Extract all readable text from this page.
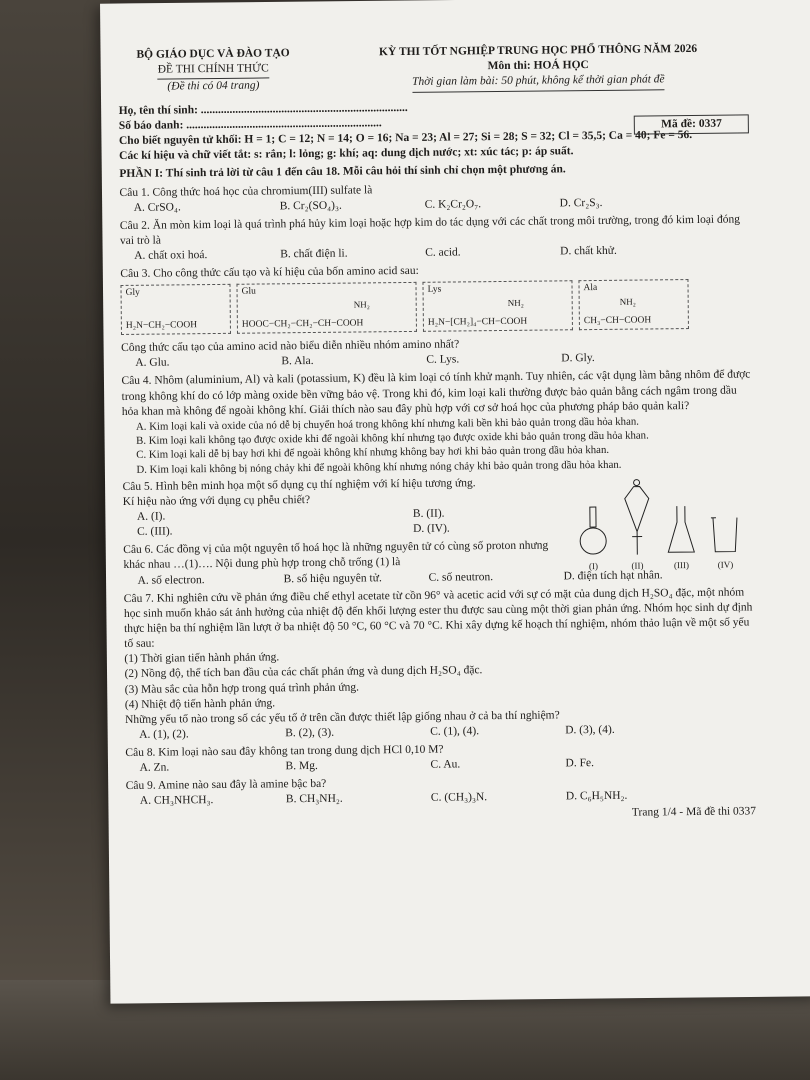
BỘ GIÁO DỤC VÀ ĐÀO TẠO
ĐỀ THI CHÍNH THỨC
(Đề thi có 04 trang)
KỲ THI TỐT NGHIỆP TRUNG HỌC PHỔ THÔNG NĂM 2026
Môn thi: HOÁ HỌC
Thời gian làm bài: 50 phút, không kể thời gian phát đề
Họ, tên thí sinh: ........................................................................
Số báo danh: ....................................................................	Mã đề: 0337

Cho biết nguyên tử khối: H = 1; C = 12; N = 14; O = 16; Na = 23; Al = 27; Si = 28; S = 32; Cl = 35,5; Ca = 40; Fe = 56.

Các kí hiệu và chữ viết tắt: s: rắn; l: lỏng; g: khí; aq: dung dịch nước; xt: xúc tác; p: áp suất.

PHẦN I: Thí sinh trả lời từ câu 1 đến câu 18. Mỗi câu hỏi thí sinh chỉ chọn một phương án.

Câu 1. Công thức hoá học của chromium(III) sulfate là

A. CrSO₄.	B. Cr₂(SO₄)₃.	C. K₂Cr₂O₇.	D. Cr₂S₃.

Câu 2. Ăn mòn kim loại là quá trình phá hủy kim loại hoặc hợp kim do tác dụng với các chất trong môi trường, trong đó kim loại đóng vai trò là

A. chất oxi hoá.	B. chất điện li.	C. acid.	D. chất khử.

Câu 3. Cho công thức cấu tạo và kí hiệu của bốn amino acid sau:

Gly
H₂N−CH₂−COOH
Glu
NH₂
HOOC−CH₂−CH₂−CH−COOH
Lys
NH₂
H₂N−[CH₂]₄−CH−COOH
Ala
NH₂
CH₃−CH−COOH

Công thức cấu tạo của amino acid nào biểu diễn nhiều nhóm amino nhất?

A. Glu.	B. Ala.	C. Lys.	D. Gly.

Câu 4. Nhôm (aluminium, Al) và kali (potassium, K) đều là kim loại có tính khử mạnh. Tuy nhiên, các vật dụng làm bằng nhôm để được trong không khí do có lớp màng oxide bền vững bảo vệ. Trong khi đó, kim loại kali thường được bảo quản bằng cách ngâm trong dầu hỏa khan mà không để ngoài không khí. Giải thích nào sau đây phù hợp với cơ sở hoá học của phương pháp bảo quản kali?

A. Kim loại kali và oxide của nó dễ bị chuyển hoá trong không khí nhưng kali bền khi bảo quản trong dầu hỏa khan.

B. Kim loại kali không tạo được oxide khi để ngoài không khí nhưng tạo được oxide khi bảo quản trong dầu hỏa khan.

C. Kim loại kali dễ bị bay hơi khi để ngoài không khí nhưng không bay hơi khi bảo quản trong dầu hỏa khan.

D. Kim loại kali không bị nóng chảy khi để ngoài không khí nhưng nóng chảy khi bảo quản trong dầu hỏa khan.

Câu 5. Hình bên minh họa một số dụng cụ thí nghiệm với kí hiệu tương ứng.

Kí hiệu nào ứng với dụng cụ phễu chiết?

A. (I).	B. (II).
C. (III).	D. (IV).
(I)	(II)	(III)	(IV)

Câu 6. Các đồng vị của một nguyên tố hoá học là những nguyên tử có cùng số proton nhưng khác nhau …(1)…. Nội dung phù hợp trong chỗ trống (1) là

A. số electron.	B. số hiệu nguyên tử.	C. số neutron.	D. điện tích hạt nhân.

Câu 7. Khi nghiên cứu về phản ứng điều chế ethyl acetate từ cồn 96° và acetic acid với sự có mặt của dung dịch H₂SO₄ đặc, một nhóm học sinh muốn khảo sát ảnh hưởng của nhiệt độ đến khối lượng ester thu được sau cùng một thời gian phản ứng. Nhóm học sinh dự định thực hiện ba thí nghiệm lần lượt ở ba nhiệt độ 50 °C, 60 °C và 70 °C. Khi xây dựng kế hoạch thí nghiệm, nhóm thảo luận về một số yếu tố sau:

(1) Thời gian tiến hành phản ứng.

(2) Nồng độ, thể tích ban đầu của các chất phản ứng và dung dịch H₂SO₄ đặc.

(3) Màu sắc của hỗn hợp trong quá trình phản ứng.

(4) Nhiệt độ tiến hành phản ứng.

Những yếu tố nào trong số các yếu tố ở trên cần được thiết lập giống nhau ở cả ba thí nghiệm?

A. (1), (2).	B. (2), (3).	C. (1), (4).	D. (3), (4).

Câu 8. Kim loại nào sau đây không tan trong dung dịch HCl 0,10 M?

A. Zn.	B. Mg.	C. Au.	D. Fe.

Câu 9. Amine nào sau đây là amine bậc ba?

A. CH₃NHCH₃.	B. CH₃NH₂.	C. (CH₃)₃N.	D. C₆H₅NH₂.
Trang 1/4 - Mã đề thi 0337
